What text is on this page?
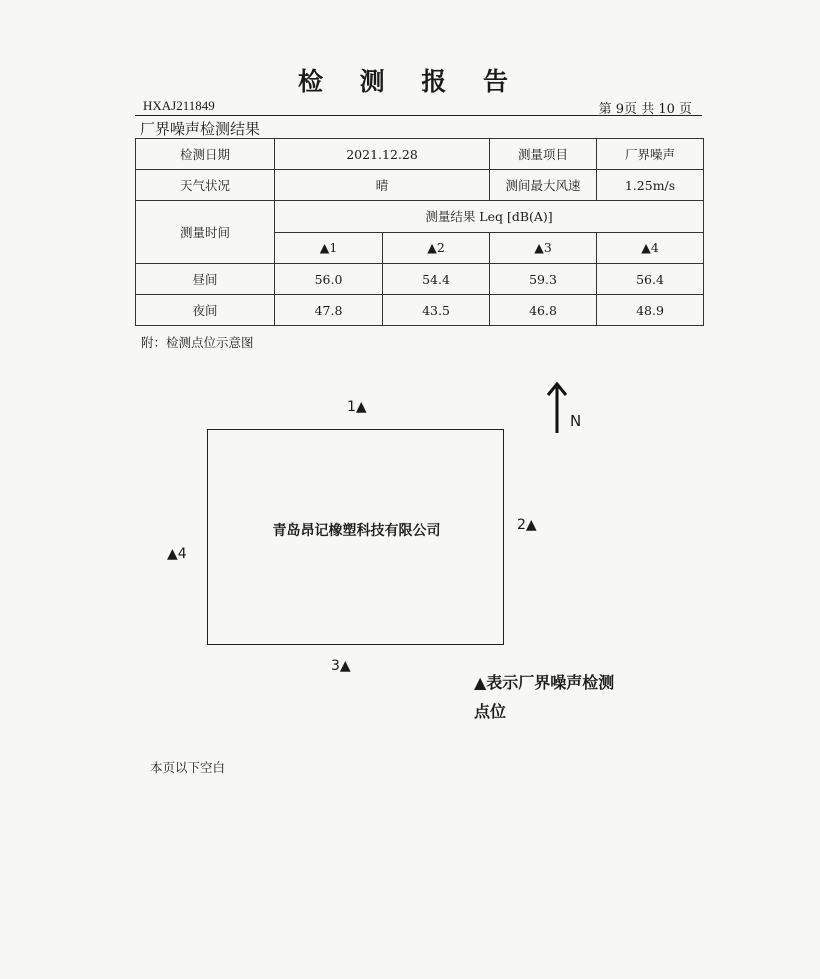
检 测 报 告
HXAJ211849	第 9页 共 10 页
厂界噪声检测结果
检测日期	2021.12.28		测量项目	厂界噪声
天气状况	晴		测间最大风速	1.25m/s
测量时间	测量结果 Leq [dB(A)]			
	▲1	▲2	▲3	▲4
昼间	56.0	54.4	59.3	56.4
夜间	47.8	43.5	46.8	48.9
附：检测点位示意图
N
1▲
青岛昂记橡塑科技有限公司	2▲
3▲
▲4
▲表示厂界噪声检测
点位
本页以下空白
